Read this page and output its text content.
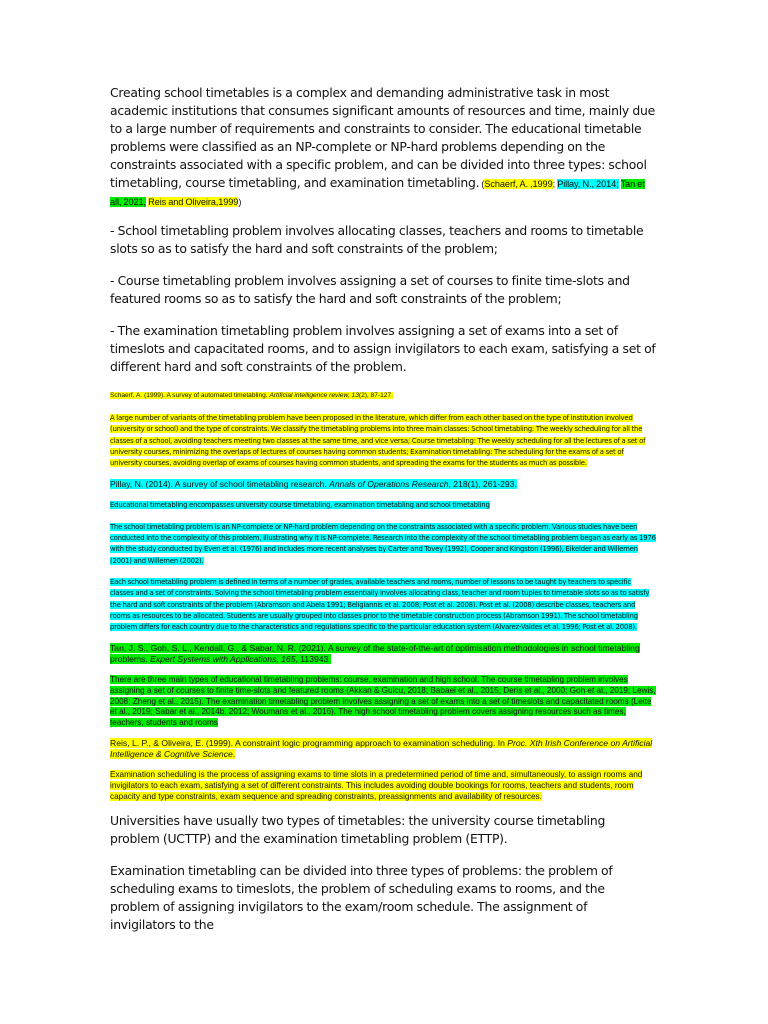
Creating school timetables is a complex and demanding administrative task in most academic institutions that consumes significant amounts of resources and time, mainly due to a large number of requirements and constraints to consider. The educational timetable problems were classified as an NP-complete or NP-hard problems depending on the constraints associated with a specific problem, and can be divided into three types: school timetabling, course timetabling, and examination timetabling. (Schaerf, A. ,1999; Pillay, N., 2014; Tan et all, 2021, Reis and Oliveira,1999)

- School timetabling problem involves allocating classes, teachers and rooms to timetable slots so as to satisfy the hard and soft constraints of the problem;

- Course timetabling problem involves assigning a set of courses to finite time-slots and featured rooms so as to satisfy the hard and soft constraints of the problem;

- The examination timetabling problem involves assigning a set of exams into a set of timeslots and capacitated rooms, and to assign invigilators to each exam, satisfying a set of different hard and soft constraints of the problem.

Schaerf, A. (1999). A survey of automated timetabling. Artificial intelligence review, 13(2), 87-127.

A large number of variants of the timetabling problem have been proposed in the literature, which differ from each other based on the type of institution involved (university or school) and the type of constraints. We classify the timetabling problems into three main classes: School timetabling: The weekly scheduling for all the classes of a school, avoiding teachers meeting two classes at the same time, and vice versa; Course timetabling: The weekly scheduling for all the lectures of a set of university courses, minimizing the overlaps of lectures of courses having common students; Examination timetabling: The scheduling for the exams of a set of university courses, avoiding overlap of exams of courses having common students, and spreading the exams for the students as much as possible.

Pillay, N. (2014). A survey of school timetabling research. Annals of Operations Research, 218(1), 261-293.

Educational timetabling encompasses university course timetabling, examination timetabling and school timetabling

The school timetabling problem is an NP-complete or NP-hard problem depending on the constraints associated with a specific problem. Various studies have been conducted into the complexity of this problem, illustrating why it is NP-complete. Research into the complexity of the school timetabling problem began as early as 1976 with the study conducted by Even et al. (1976) and includes more recent analyses by Carter and Tovey (1992), Cooper and Kingston (1996), Eikelder and Willemen (2001) and Willemen (2002).

Each school timetabling problem is defined in terms of a number of grades, available teachers and rooms, number of lessons to be taught by teachers to specific classes and a set of constraints. Solving the school timetabling problem essentially involves allocating class, teacher and room tuples to timetable slots so as to satisfy the hard and soft constraints of the problem (Abramson and Abela 1991; Beligiannis et al. 2008; Post et al. 2008). Post et al. (2008) describe classes, teachers and rooms as resources to be allocated. Students are usually grouped into classes prior to the timetable construction process (Abramson 1991). The school timetabling problem differs for each country due to the characteristics and regulations specific to the particular education system (Alvarez-Valdes et al. 1996; Post et al. 2008).

Tan, J. S., Goh, S. L., Kendall, G., & Sabar, N. R. (2021). A survey of the state-of-the-art of optimisation methodologies in school timetabling problems. Expert Systems with Applications, 165, 113943.

There are three main types of educational timetabling problems: course, examination and high school. The course timetabling problem involves assigning a set of courses to finite time-slots and featured rooms (Akkan & Gulcu, 2018; Babaei et al., 2015; Deris et al., 2000; Goh et al., 2019; Lewis, 2008; Zheng et al., 2015). The examination timetabling problem involves assigning a set of exams into a set of timeslots and capacitated rooms (Leite et al., 2019; Sabar et al., 2014b, 2012; Woumans et al., 2016). The high school timetabling problem covers assigning resources such as times, teachers, students and rooms

Reis, L. P., & Oliveira, E. (1999). A constraint logic programming approach to examination scheduling. In Proc. Xth Irish Conference on Artificial Intelligence & Cognitive Science.

Examination scheduling is the process of assigning exams to time slots in a predetermined period of time and, simultaneously, to assign rooms and invigilators to each exam, satisfying a set of different constraints. This includes avoiding double bookings for rooms, teachers and students, room capacity and type constraints, exam sequence and spreading constraints, preassignments and availability of resources.

Universities have usually two types of timetables: the university course timetabling problem (UCTTP) and the examination timetabling problem (ETTP).

Examination timetabling can be divided into three types of problems: the problem of scheduling exams to timeslots, the problem of scheduling exams to rooms, and the problem of assigning invigilators to the exam/room schedule. The assignment of invigilators to the
